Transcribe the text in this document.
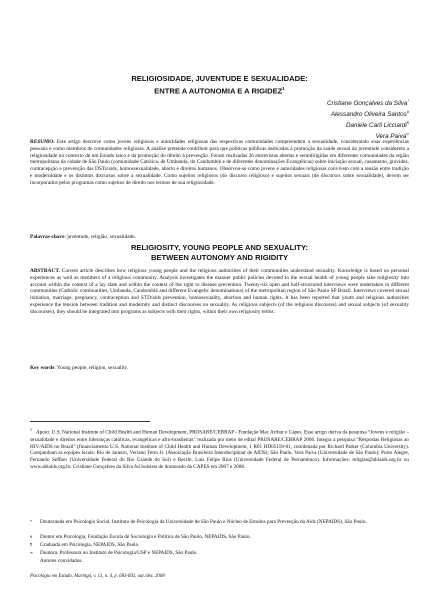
RELIGIOSIDADE, JUVENTUDE E SEXUALIDADE:
ENTRE A AUTONOMIA E A RIGIDEZ$^1$
Cristiane Gonçalves da Silva*
Alessandro Oliveira Santos#
Daniele Carli Licciardi¶
Vera Paiva∞
RESUMO. Este artigo descreve como jovens religiosos e autoridades religiosas das respectivas comunidades compreendem a sexualidade, considerando suas experiências pessoais e como membros de comunidades religiosas. A análise pretende contribuir para que políticas públicas dedicadas à promoção da saúde sexual da juventude considerem a religiosidade no contexto de um Estado laico e da promoção do direito à prevenção. Foram realizadas 26 entrevistas abertas e semidirigidas em diferentes comunidades da região metropolitana da cidade de São Paulo (comunidade Católica, de Umbanda, do Candomblé e de diferentes denominações Evangélicas) sobre iniciação sexual, casamento, gravidez, contracepção e prevenção das DSTs/aids, homossexualidade, aborto e direitos humanos. Observou-se como jovens e autoridades religiosas convivem com a tensão entre tradição e modernidade e os distintos discursos sobre a sexualidade. Como sujeitos religiosos (do discurso religioso) e sujeitos sexuais (de discursos sobre sexualidade), devem ser incorporados pelos programas como sujeitos de direito nos termos de sua religiosidade.
Palavras-chave: juventude, religião, sexualidade.
RELIGIOSITY, YOUNG PEOPLE AND SEXUALITY:
BETWEEN AUTONOMY AND RIGIDITY
ABSTRACT. Current article describes how religious young people and the religious authorities of their communities understand sexuality. Knowledge is based on personal experiences as well as members of a religious community. Analysis investigates the manner public policies devoted to the sexual health of young people take religiosity into account within the context of a lay state and within the context of the right to disease prevention. Twenty-six open and half-structured interviews were undertaken in different communities (Catholic communities, Umbanda, Candomblé and different Evangelic denominations) of the metropolitan region of São Paulo SP Brazil. Interviews covered sexual initiation, marriage, pregnancy, contraception and STD/aids prevention, homosexuality, abortion and human rights. It has been reported that youth and religious authorities experience the tension between tradition and modernity and distinct discourses on sexuality. As religious subjects (of the religious discourse) and sexual subjects (of sexuality discourses), they should be integrated into programs as subjects with their rights, within their own religiosity terms.
Key words: Young people, religion, sexuality.
$^1$   Apoio: U.S. National Institute of Child Health and Human Development, PROSARE/CEBRAP - Fundação Mac Arthur e Capes. Esse artigo deriva da pesquisa “Jovens e religião – sexualidade e direitos entre lideranças católicas, evangélicas e afro-brasileiras” realizada por meio de edital PROSARE/CEBRAP 2006. Integra a pesquisa “Respostas Religiosas ao HIV/AIDS no Brasil” (financiamento U.S. National Institute of Child Health and Human Development, 1 R01 HD05118-01, coordenada por Richard Parker (Columbia University). Compunham as equipes locais: Rio de Janeiro, Veriano Terto Jr. (Associação Brasileira Interdisciplinar de AIDS); São Paulo, Vera Paiva (Universidade de São Paulo); Porto Alegre, Fernando Seffner (Universidade Federal do Rio Grande do Sul) e Recife, Luís Felipe Rios (Universidade Federal de Pernambuco). Informações: religiao@abiaids.org.br ou www.abiaids.org.br. Cristiane Gonçalves da Silva foi bolsista de doutorado da CAPES em 2007 e 2008.
* Doutoranda em Psicologia Social, Instituto de Psicologia da Universidade de São Paulo e Núcleo de Estudos para Prevenção da Aids (NEPAIDS), São Paulo.
# Doutor em Psicologia, Fundação Escola de Sociologia e Política de São Paulo, NEPAIDS, São Paulo.
¶ Graduada em Psicologia, NEPAIDS, São Paulo.
∞ Doutora. Professora no Instituto de Psicologia/USP e NEPAIDS, São Paulo.
Autores convidados.
Psicologia em Estudo, Maringá, v. 13, n. 4, p. 683-692, out./dez. 2008
